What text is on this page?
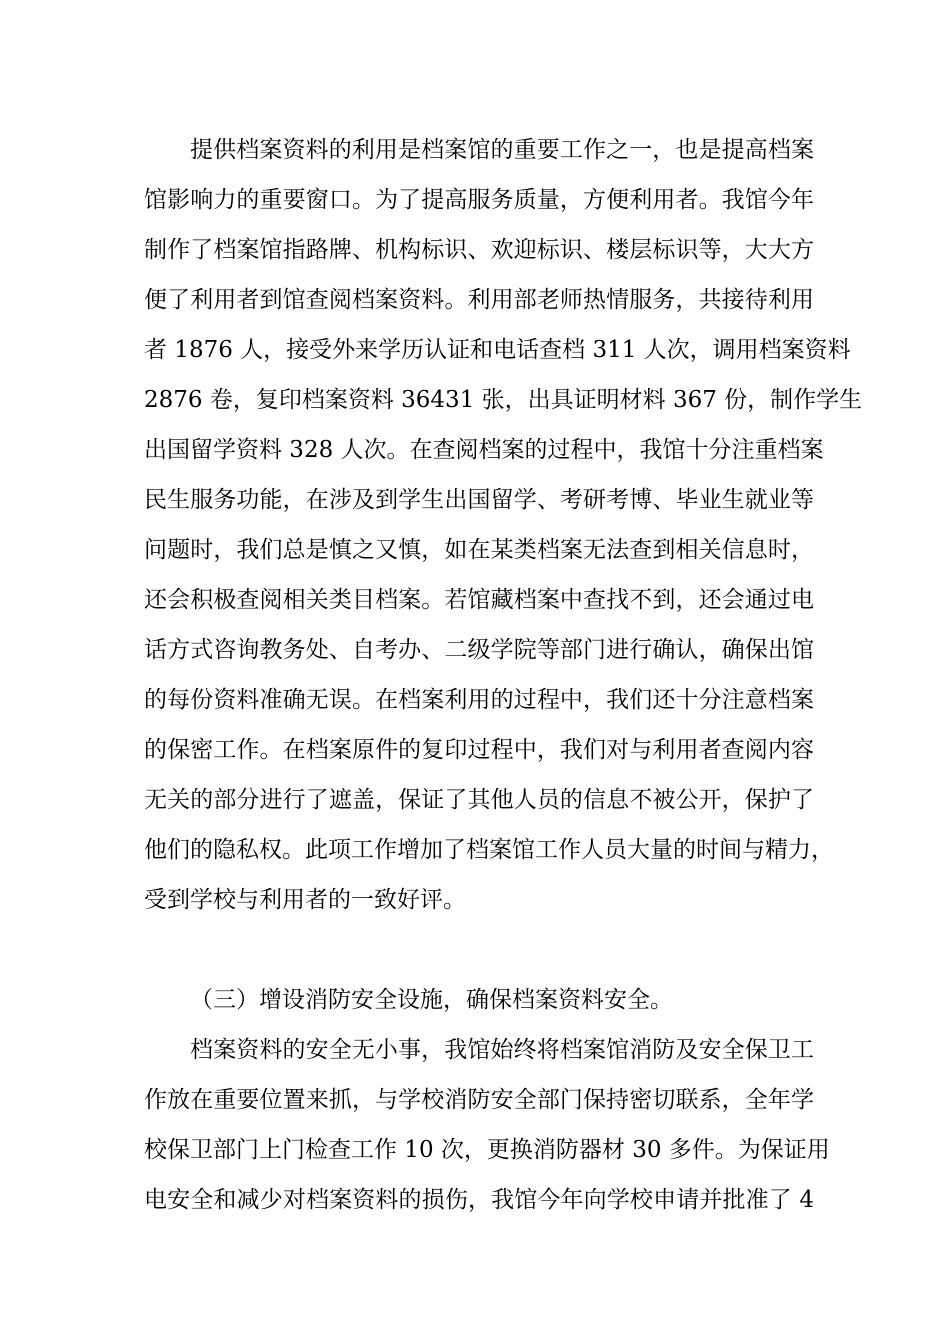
提供档案资料的利用是档案馆的重要工作之一，也是提高档案
馆影响力的重要窗口。为了提高服务质量，方便利用者。我馆今年
制作了档案馆指路牌、机构标识、欢迎标识、楼层标识等，大大方
便了利用者到馆查阅档案资料。利用部老师热情服务，共接待利用
者 1876 人，接受外来学历认证和电话查档 311 人次，调用档案资料
2876 卷，复印档案资料 36431 张，出具证明材料 367 份，制作学生
出国留学资料 328 人次。在查阅档案的过程中，我馆十分注重档案
民生服务功能，在涉及到学生出国留学、考研考博、毕业生就业等
问题时，我们总是慎之又慎，如在某类档案无法查到相关信息时，
还会积极查阅相关类目档案。若馆藏档案中查找不到，还会通过电
话方式咨询教务处、自考办、二级学院等部门进行确认，确保出馆
的每份资料准确无误。在档案利用的过程中，我们还十分注意档案
的保密工作。在档案原件的复印过程中，我们对与利用者查阅内容
无关的部分进行了遮盖，保证了其他人员的信息不被公开，保护了
他们的隐私权。此项工作增加了档案馆工作人员大量的时间与精力，
受到学校与利用者的一致好评。
（三）增设消防安全设施，确保档案资料安全。
档案资料的安全无小事，我馆始终将档案馆消防及安全保卫工
作放在重要位置来抓，与学校消防安全部门保持密切联系，全年学
校保卫部门上门检查工作 10 次，更换消防器材 30 多件。为保证用
电安全和减少对档案资料的损伤，我馆今年向学校申请并批准了 4
